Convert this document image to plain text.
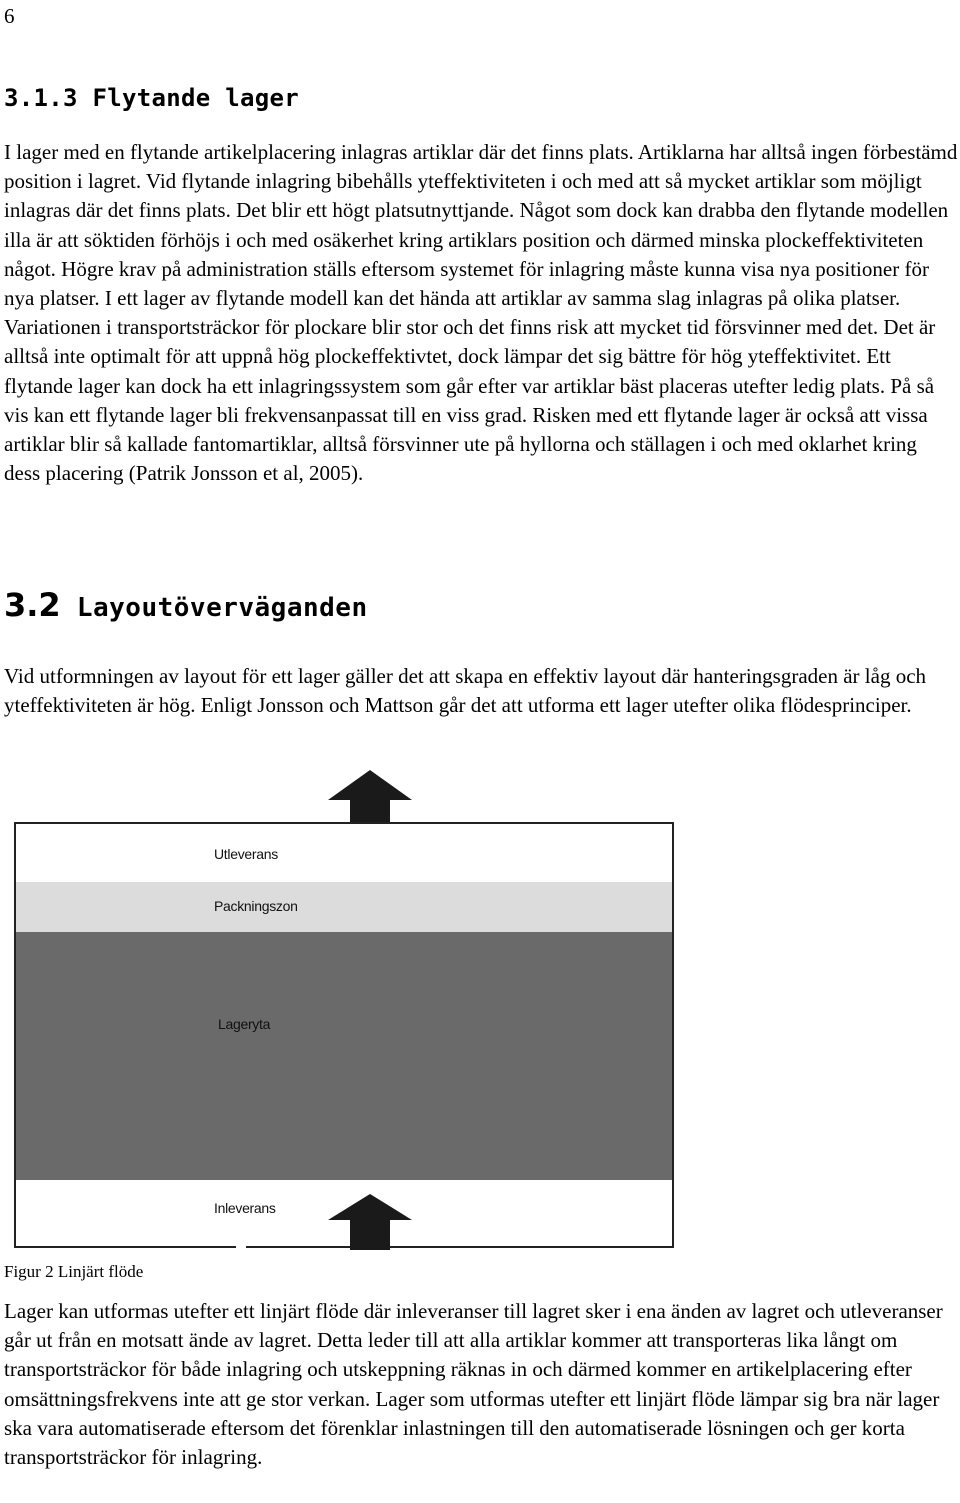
6
3.1.3 Flytande lager

I lager med en flytande artikelplacering inlagras artiklar där det finns plats. Artiklarna har alltså ingen förbestämd position i lagret. Vid flytande inlagring bibehålls yteffektiviteten i och med att så mycket artiklar som möjligt inlagras där det finns plats. Det blir ett högt platsutnyttjande. Något som dock kan drabba den flytande modellen illa är att söktiden förhöjs i och med osäkerhet kring artiklars position och därmed minska plockeffektiviteten något. Högre krav på administration ställs eftersom systemet för inlagring måste kunna visa nya positioner för nya platser. I ett lager av flytande modell kan det hända att artiklar av samma slag inlagras på olika platser. Variationen i transportsträckor för plockare blir stor och det finns risk att mycket tid försvinner med det. Det är alltså inte optimalt för att uppnå hög plockeffektivtet, dock lämpar det sig bättre för hög yteffektivitet. Ett flytande lager kan dock ha ett inlagringssystem som går efter var artiklar bäst placeras utefter ledig plats. På så vis kan ett flytande lager bli frekvensanpassat till en viss grad. Risken med ett flytande lager är också att vissa artiklar blir så kallade fantomartiklar, alltså försvinner ute på hyllorna och ställagen i och med oklarhet kring dess placering (Patrik Jonsson et al, 2005).

3.2 Layoutöverväganden

Vid utformningen av layout för ett lager gäller det att skapa en effektiv layout där hanteringsgraden är låg och yteffektiviteten är hög. Enligt Jonsson och Mattson går det att utforma ett lager utefter olika flödesprinciper.

Utleverans
Packningszon
Lageryta
Inleverans

Figur 2 Linjärt flöde

Lager kan utformas utefter ett linjärt flöde där inleveranser till lagret sker i ena änden av lagret och utleveranser går ut från en motsatt ände av lagret. Detta leder till att alla artiklar kommer att transporteras lika långt om transportsträckor för både inlagring och utskeppning räknas in och därmed kommer en artikelplacering efter omsättningsfrekvens inte att ge stor verkan. Lager som utformas utefter ett linjärt flöde lämpar sig bra när lager ska vara automatiserade eftersom det förenklar inlastningen till den automatiserade lösningen och ger korta transportsträckor för inlagring.
